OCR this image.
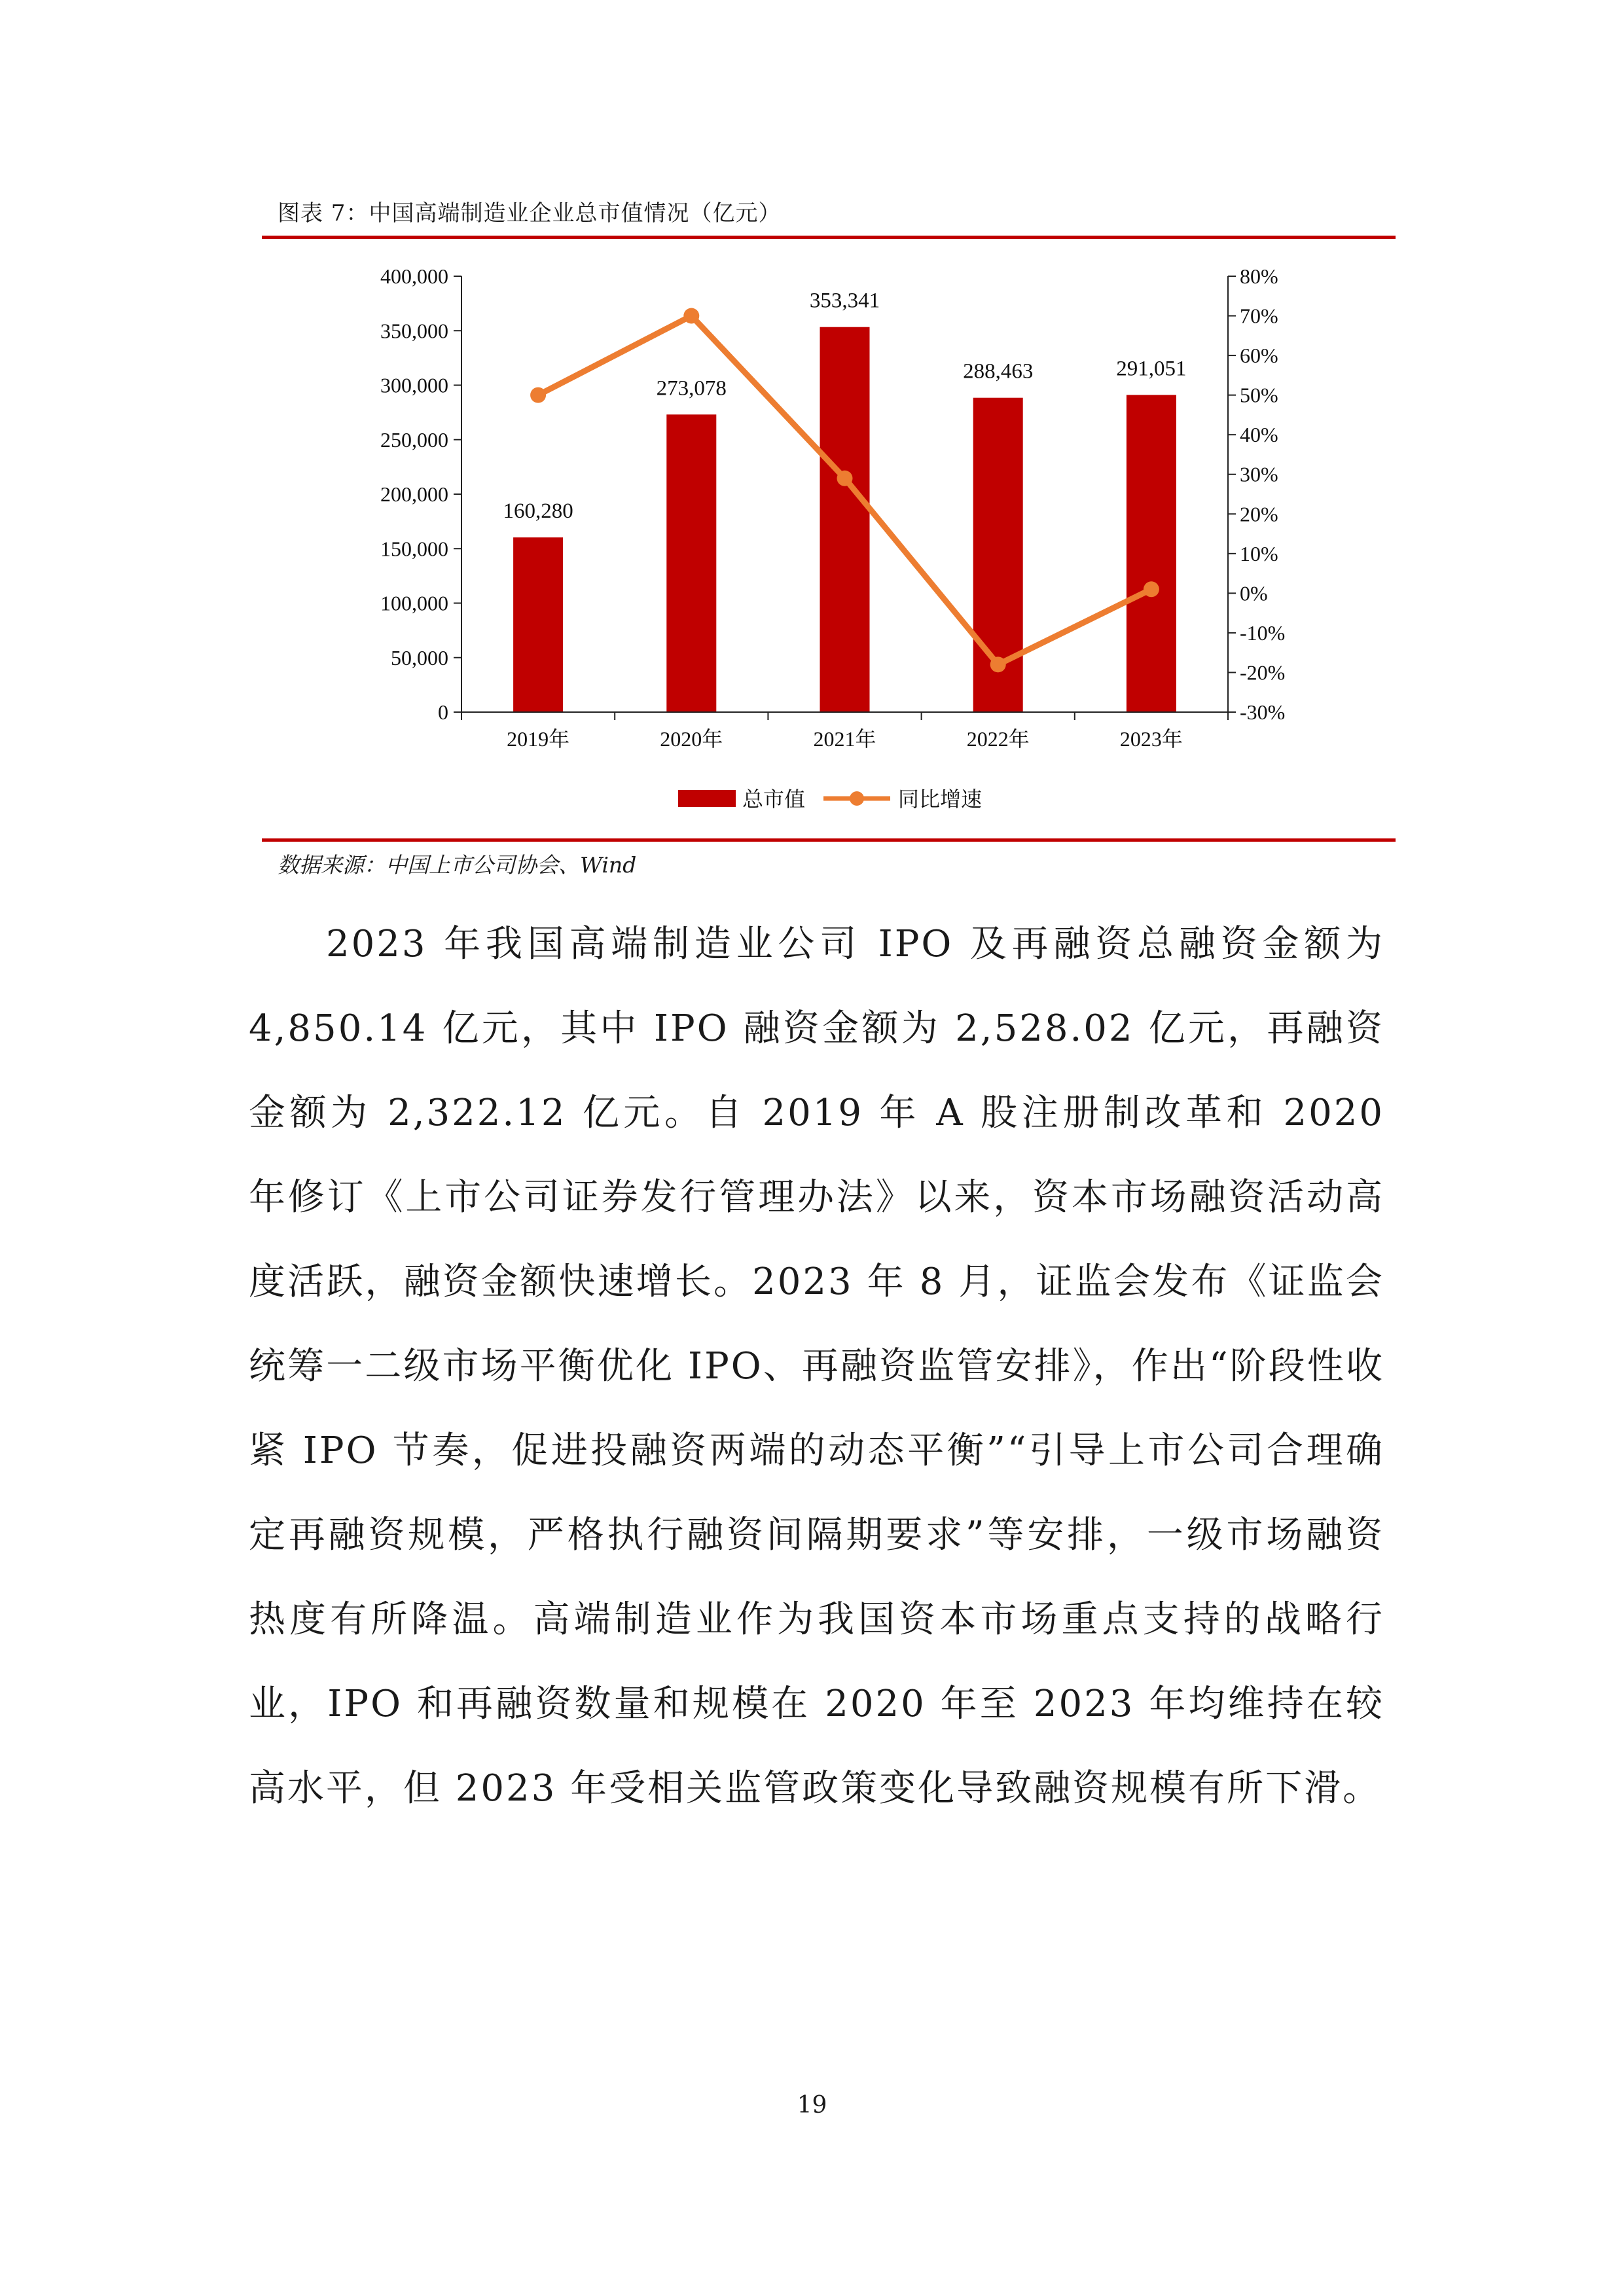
图表 7：中国高端制造业企业总市值情况（亿元）
0
50,000
100,000
150,000
200,000
250,000
300,000
350,000
400,000
-30%
-20%
-10%
0%
10%
20%
30%
40%
50%
60%
70%
80%
160,280
273,078
353,341
288,463	291,051
2019年	2020年	2021年	2022年	2023年
总市值	同比增速
数据来源：中国上市公司协会、Wind

2023 年我国高端制造业公司 IPO 及再融资总融资金额为 4,850.14 亿元，其中 IPO 融资金额为 2,528.02 亿元，再融资金额为 2,322.12 亿元。自 2019 年 A 股注册制改革和 2020 年修订《上市公司证券发行管理办法》以来，资本市场融资活动高度活跃，融资金额快速增长。2023 年 8 月，证监会发布《证监会统筹一二级市场平衡优化 IPO、再融资监管安排》，作出“阶段性收紧 IPO 节奏，促进投融资两端的动态平衡”“引导上市公司合理确定再融资规模，严格执行融资间隔期要求”等安排，一级市场融资热度有所降温。高端制造业作为我国资本市场重点支持的战略行业，IPO 和再融资数量和规模在 2020 年至 2023 年均维持在较高水平，但 2023 年受相关监管政策变化导致融资规模有所下滑。

19
